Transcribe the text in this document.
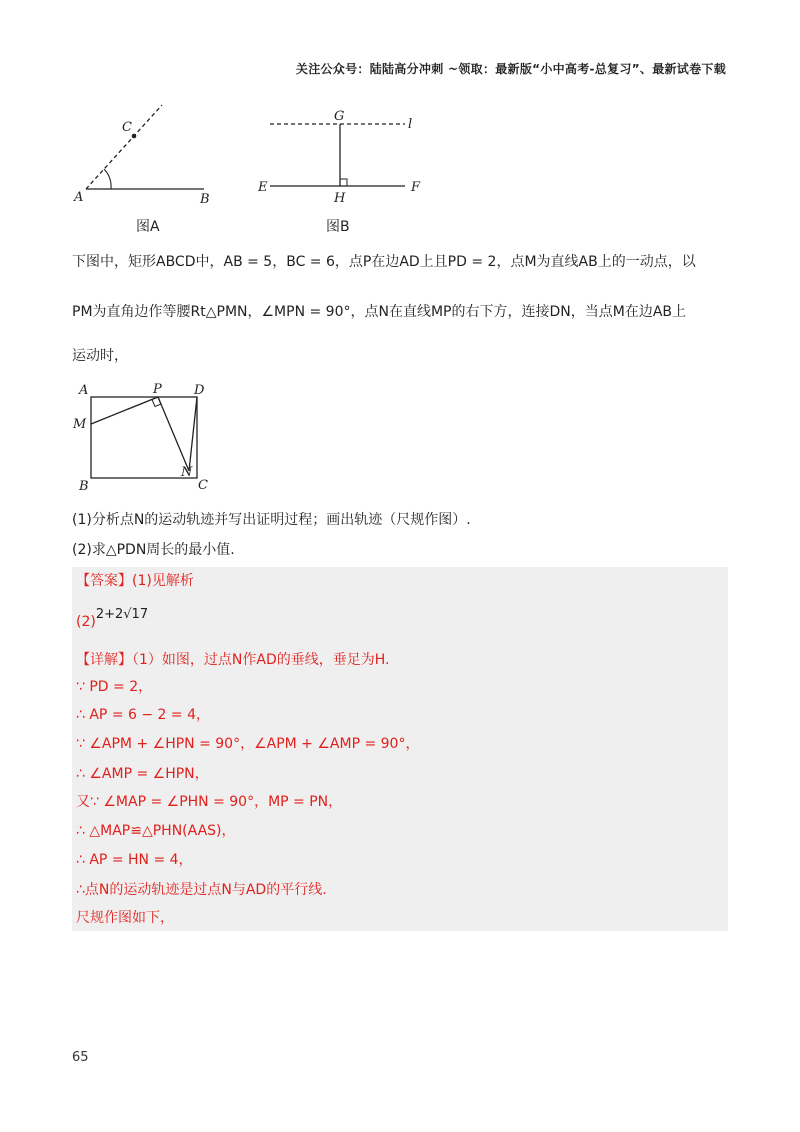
关注公众号：陆陆高分冲刺 ~领取：最新版“小中高考-总复习”、最新试卷下载
C
A	B
图A
G
l
E
H
F
图B
下图中，矩形ABCD中，AB = 5，BC = 6，点P在边AD上且PD = 2，点M为直线AB上的一动点，以
PM为直角边作等腰Rt△PMN，∠MPN = 90°，点N在直线MP的右下方，连接DN，当点M在边AB上
运动时，
A	P D
M
N
B	C
(1)分析点N的运动轨迹并写出证明过程；画出轨迹（尺规作图）.
(2)求△PDN周长的最小值.
【答案】(1)见解析
(2)2+2√17
【详解】（1）如图，过点N作AD的垂线，垂足为H.
∵ PD = 2，
∴ AP = 6 − 2 = 4，
∵ ∠APM + ∠HPN = 90°，∠APM + ∠AMP = 90°，
∴ ∠AMP = ∠HPN，
又∵ ∠MAP = ∠PHN = 90°，MP = PN，
∴ △MAP≌△PHN(AAS)，
∴ AP = HN = 4，
∴点N的运动轨迹是过点N与AD的平行线.
尺规作图如下，
65
